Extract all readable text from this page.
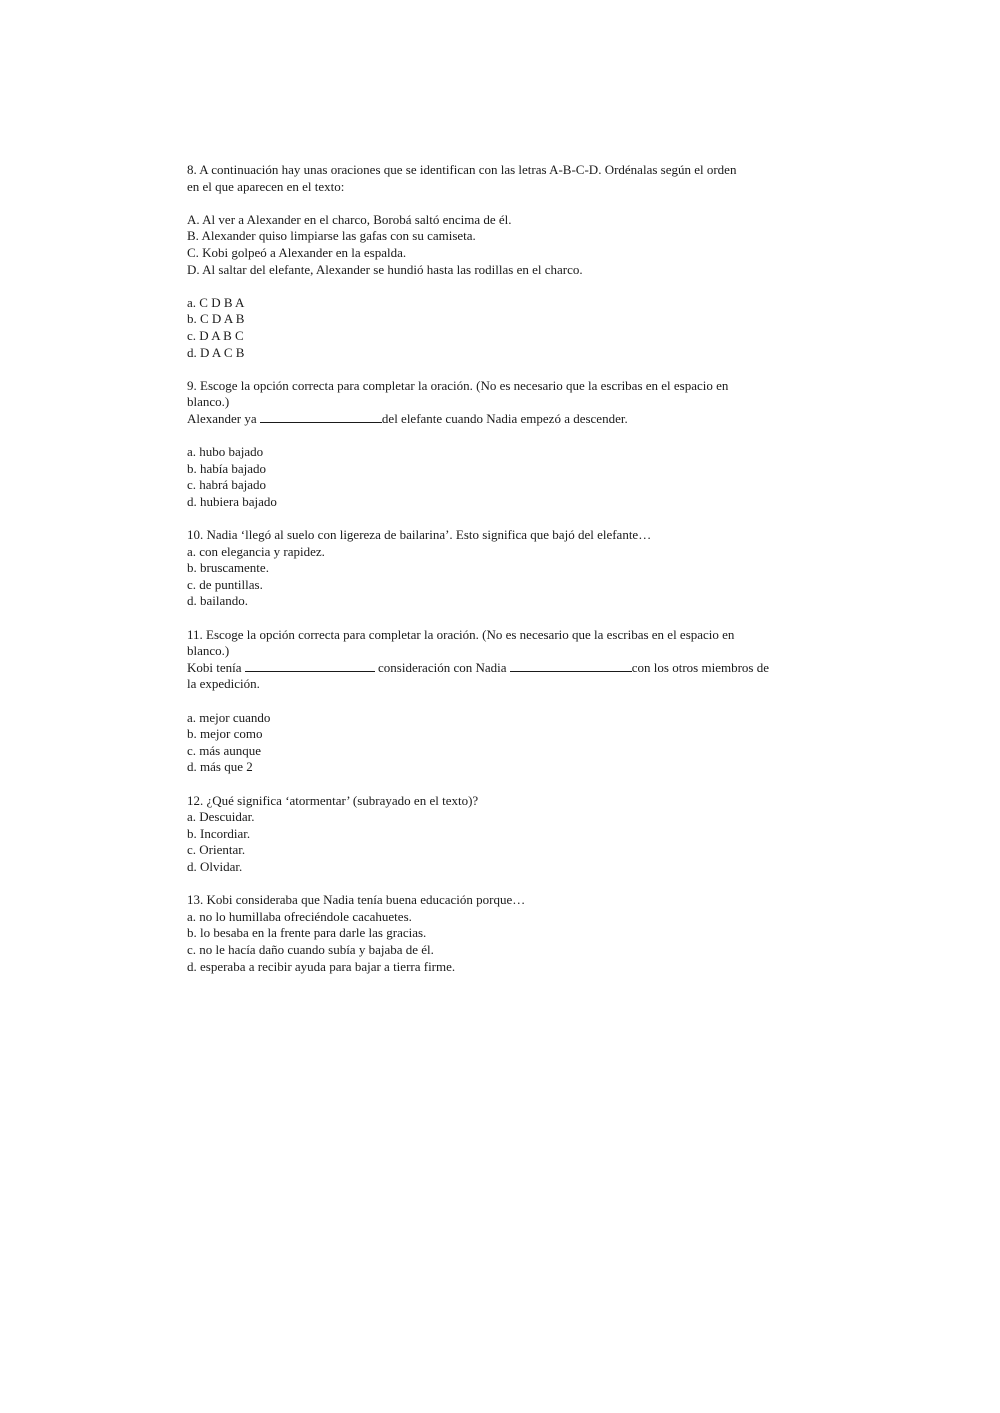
8. A continuación hay unas oraciones que se identifican con las letras A-B-C-D. Ordénalas según el orden
en el que aparecen en el texto:
A. Al ver a Alexander en el charco, Borobá saltó encima de él.
B. Alexander quiso limpiarse las gafas con su camiseta.
C. Kobi golpeó a Alexander en la espalda.
D. Al saltar del elefante, Alexander se hundió hasta las rodillas en el charco.
a. C D B A
b. C D A B
c. D A B C
d. D A C B
9. Escoge la opción correcta para completar la oración. (No es necesario que la escribas en el espacio en
blanco.)
Alexander ya	del elefante cuando Nadia empezó a descender.
a. hubo bajado
b. había bajado
c. habrá bajado
d. hubiera bajado
10. Nadia ‘llegó al suelo con ligereza de bailarina’. Esto significa que bajó del elefante…
a. con elegancia y rapidez.
b. bruscamente.
c. de puntillas.
d. bailando.
11. Escoge la opción correcta para completar la oración. (No es necesario que la escribas en el espacio en
blanco.)
Kobi tenía	consideración con Nadia	con los otros miembros de
la expedición.
a. mejor cuando
b. mejor como
c. más aunque
d. más que 2
12. ¿Qué significa ‘atormentar’ (subrayado en el texto)?
a. Descuidar.
b. Incordiar.
c. Orientar.
d. Olvidar.
13. Kobi consideraba que Nadia tenía buena educación porque…
a. no lo humillaba ofreciéndole cacahuetes.
b. lo besaba en la frente para darle las gracias.
c. no le hacía daño cuando subía y bajaba de él.
d. esperaba a recibir ayuda para bajar a tierra firme.
